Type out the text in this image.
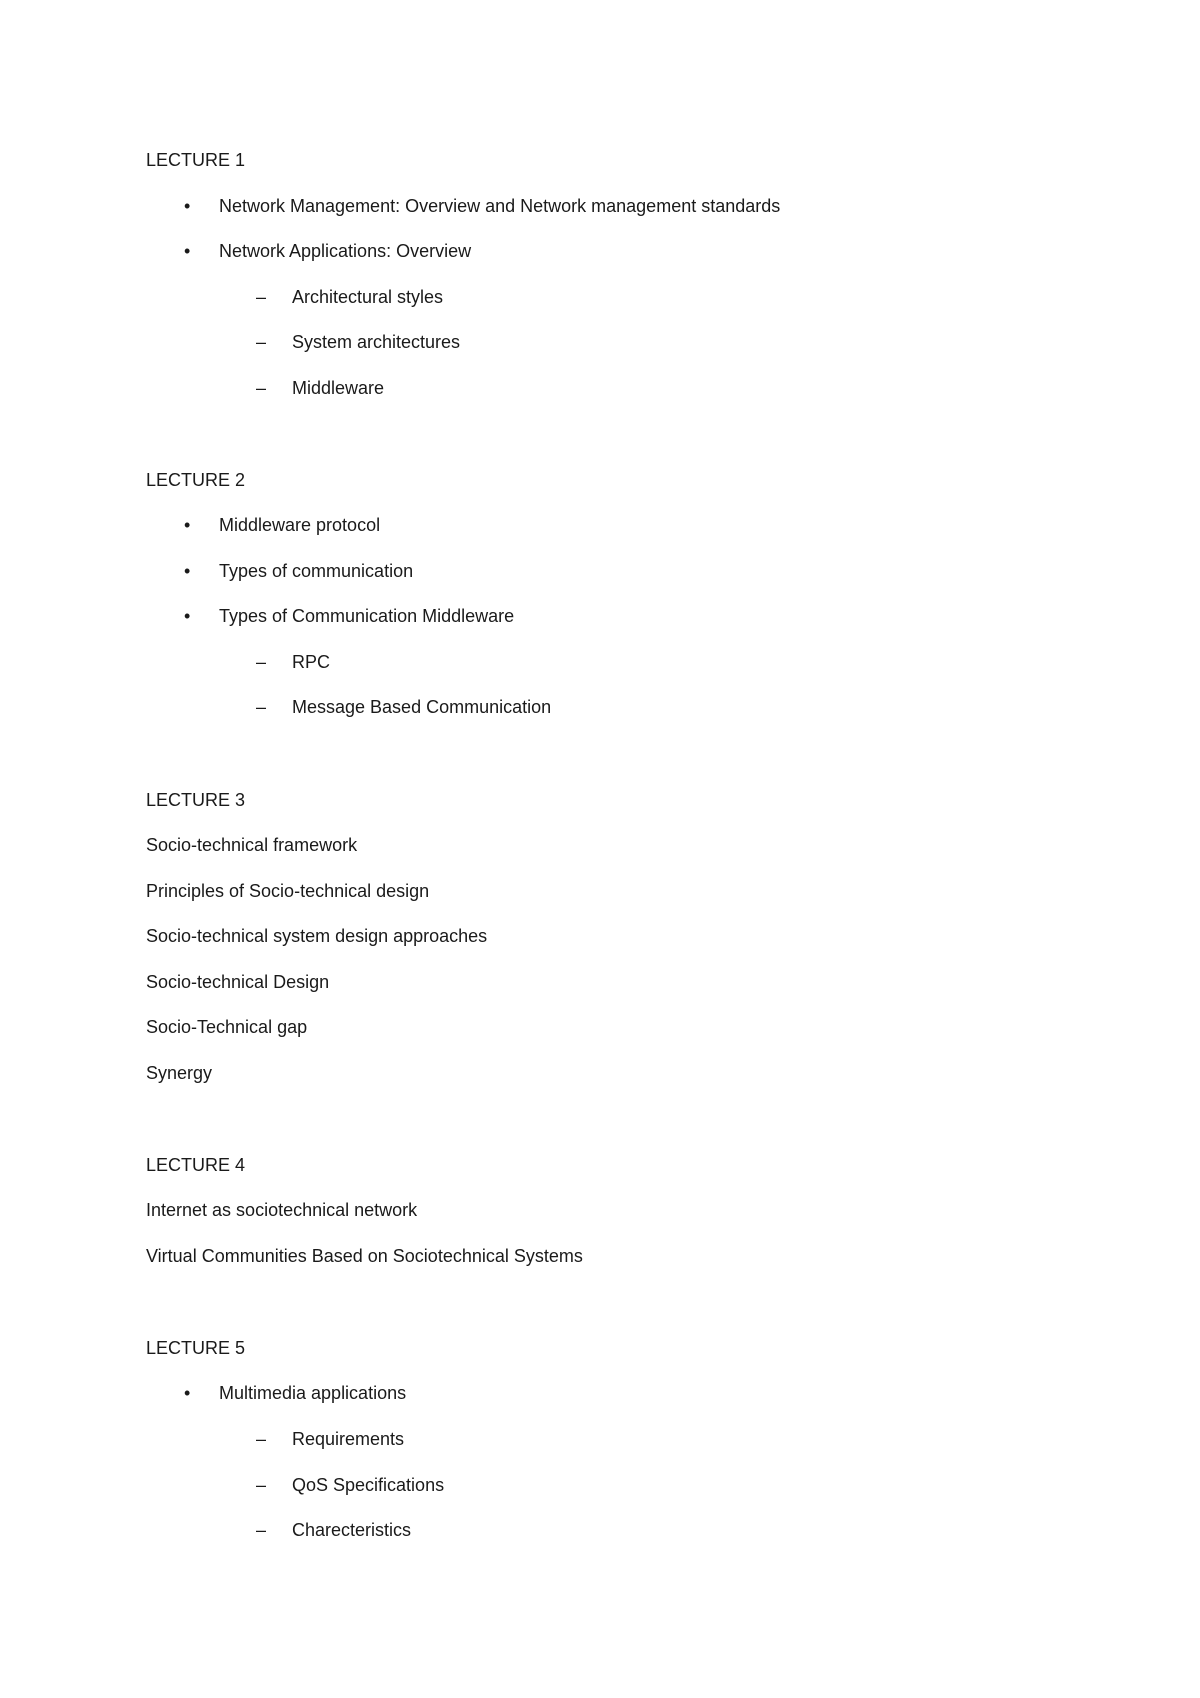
LECTURE 1
• Network Management: Overview and Network management standards
• Network Applications: Overview
– Architectural styles
– System architectures
– Middleware
LECTURE 2
• Middleware protocol
• Types of communication
• Types of Communication Middleware
– RPC
– Message Based Communication
LECTURE 3
Socio-technical framework
Principles of Socio-technical design
Socio-technical system design approaches
Socio-technical Design
Socio-Technical gap
Synergy
LECTURE 4
Internet as sociotechnical network
Virtual Communities Based on Sociotechnical Systems
LECTURE 5
• Multimedia applications
– Requirements
– QoS Specifications
– Charecteristics
